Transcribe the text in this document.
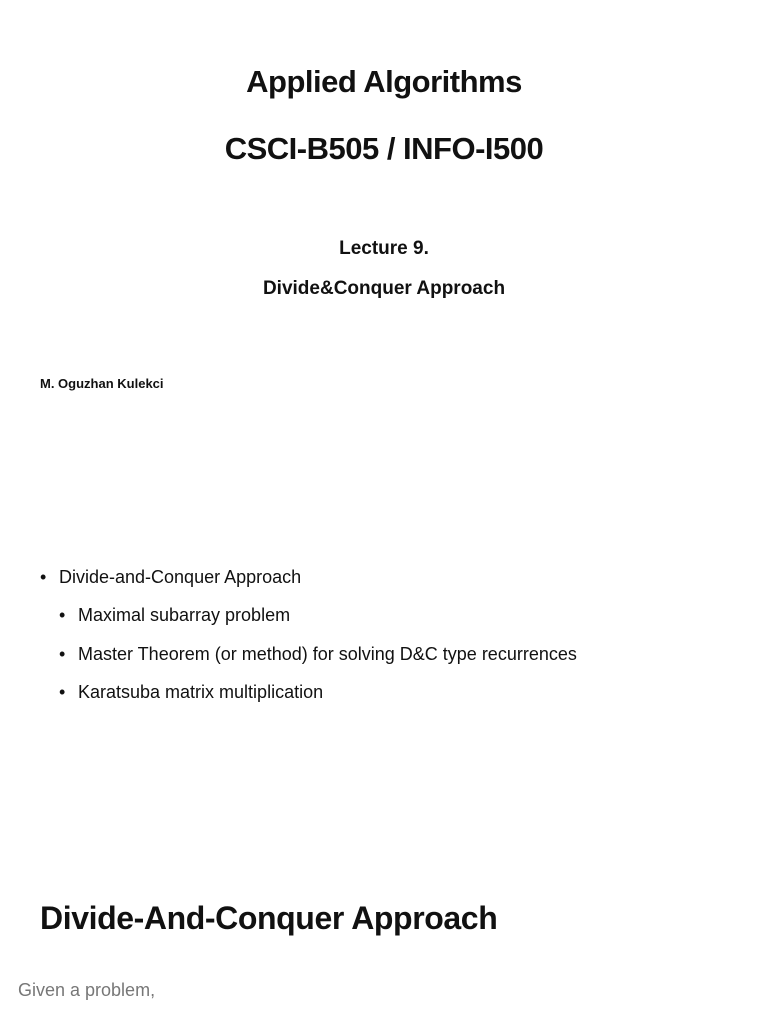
Applied Algorithms
CSCI-B505 / INFO-I500
Lecture 9.
Divide&Conquer Approach
M. Oguzhan Kulekci
• Divide-and-Conquer Approach
• Maximal subarray problem
• Master Theorem (or method) for solving D&C type recurrences
• Karatsuba matrix multiplication
Divide-And-Conquer Approach
Given a problem,
